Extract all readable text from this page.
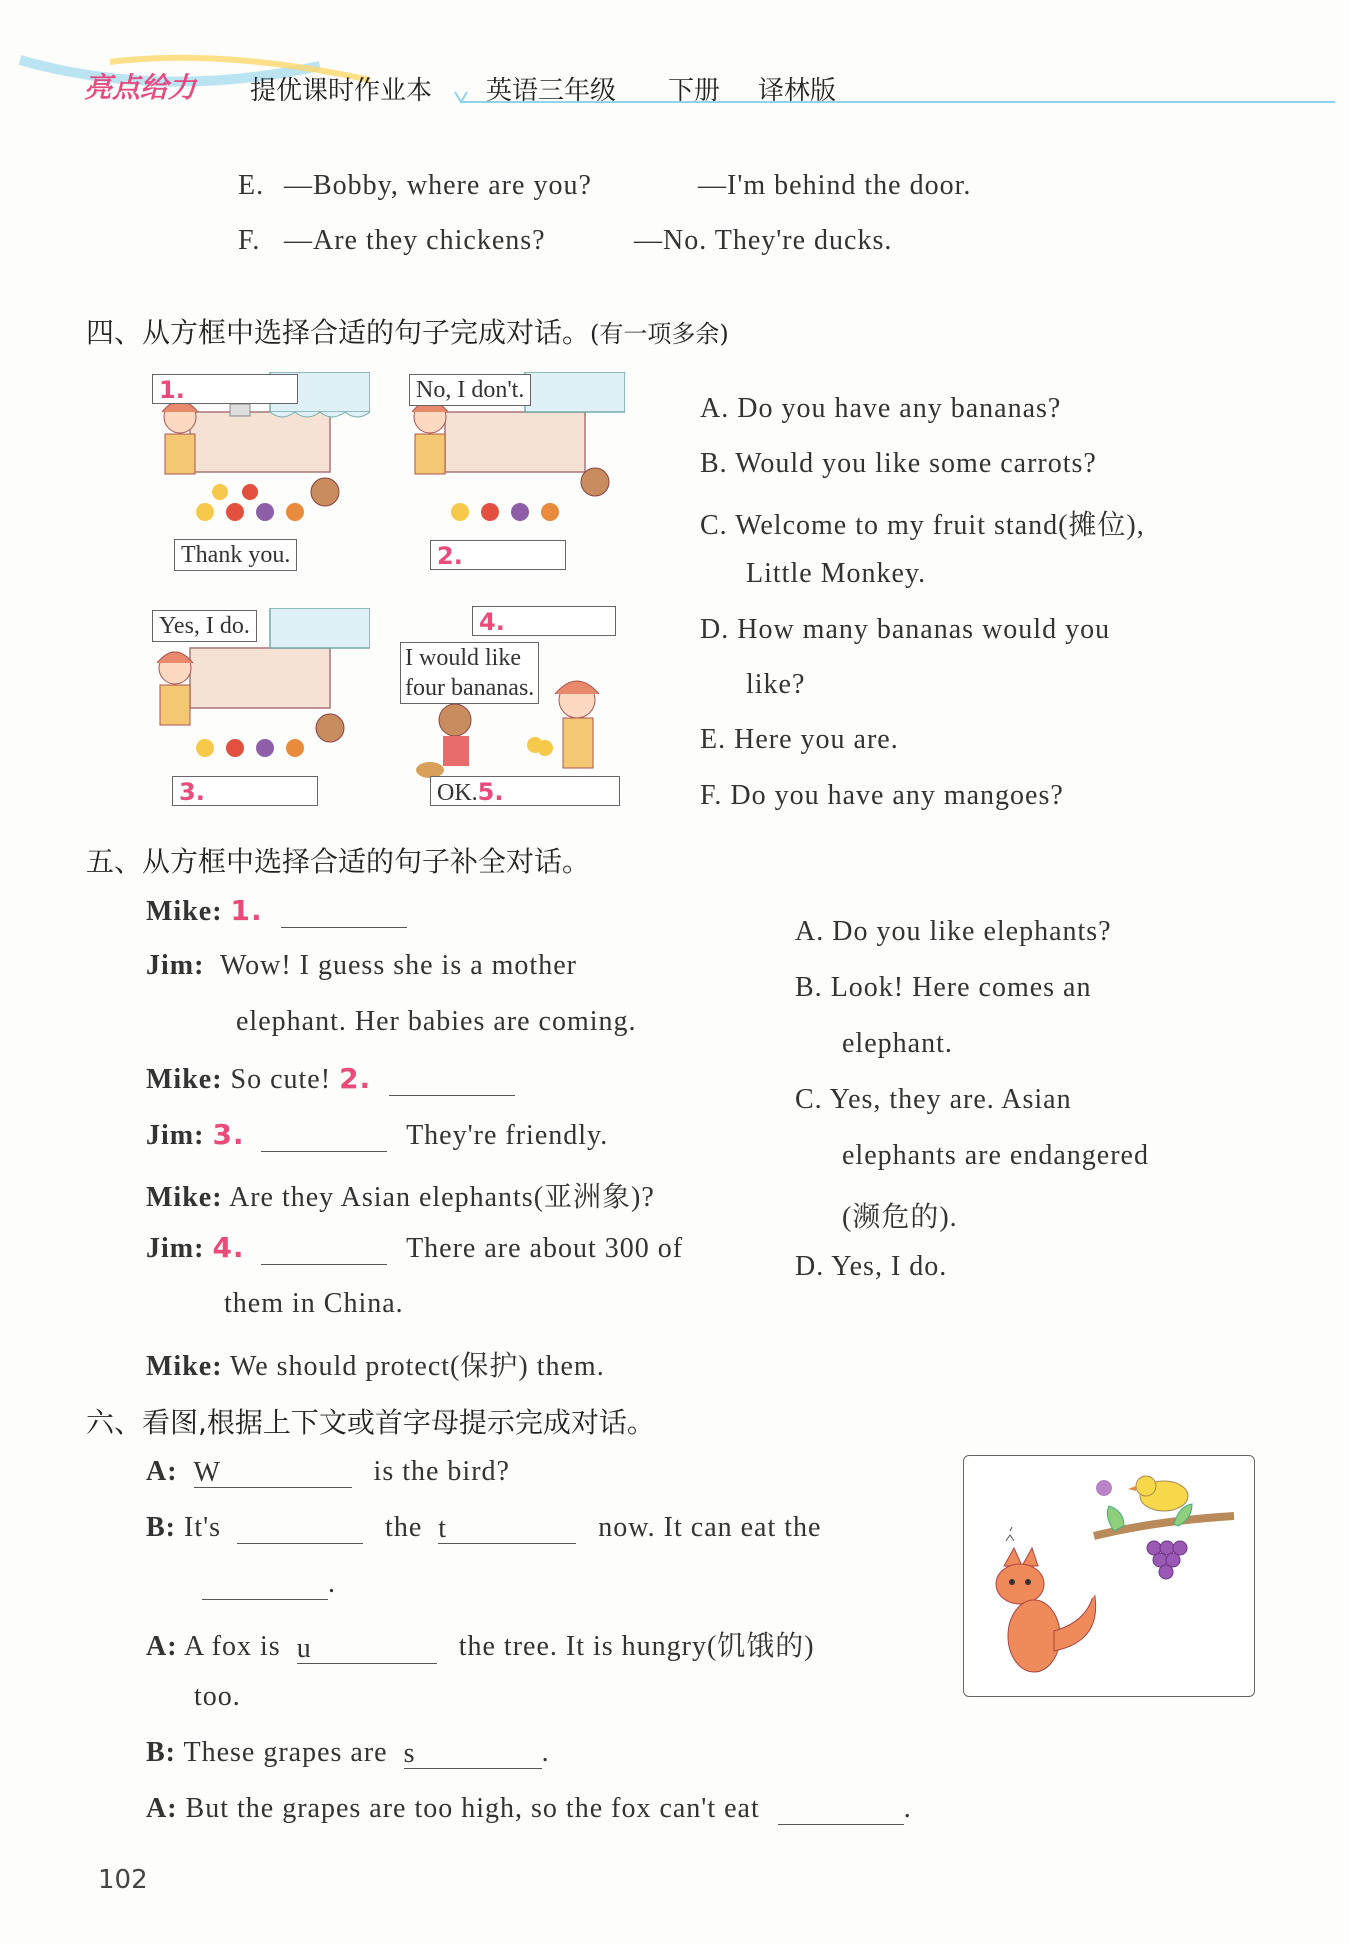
亮点给力 提优课时作业本 英语三年级 下册 译林版
E. —Bobby, where are you?	—I'm behind the door.
F. —Are they chickens?	—No. They're ducks.
四、从方框中选择合适的句子完成对话。(有一项多余)
1.
Thank you.
No, I don't.
2.
Yes, I do.
3.
4.
I would like
four bananas.
OK.5.
A. Do you have any bananas?
B. Would you like some carrots?
C. Welcome to my fruit stand(摊位),
Little Monkey.
D. How many bananas would you
like?
E. Here you are.
F. Do you have any mangoes?
五、从方框中选择合适的句子补全对话。
Mike: 1.
Jim: Wow! I guess she is a mother
elephant. Her babies are coming.
Mike: So cute! 2.
Jim: 3.	They're friendly.
Mike: Are they Asian elephants(亚洲象)?
Jim: 4.	There are about 300 of
them in China.
Mike: We should protect(保护) them.
A. Do you like elephants?
B. Look! Here comes an
elephant.
C. Yes, they are. Asian
elephants are endangered
(濒危的).
D. Yes, I do.
六、看图,根据上下文或首字母提示完成对话。
A: W	is the bird?
B: It's	the t	now. It can eat the
.
A: A fox is u	the tree. It is hungry(饥饿的)
too.
B: These grapes are s	.
A: But the grapes are too high, so the fox can't eat	.
102
